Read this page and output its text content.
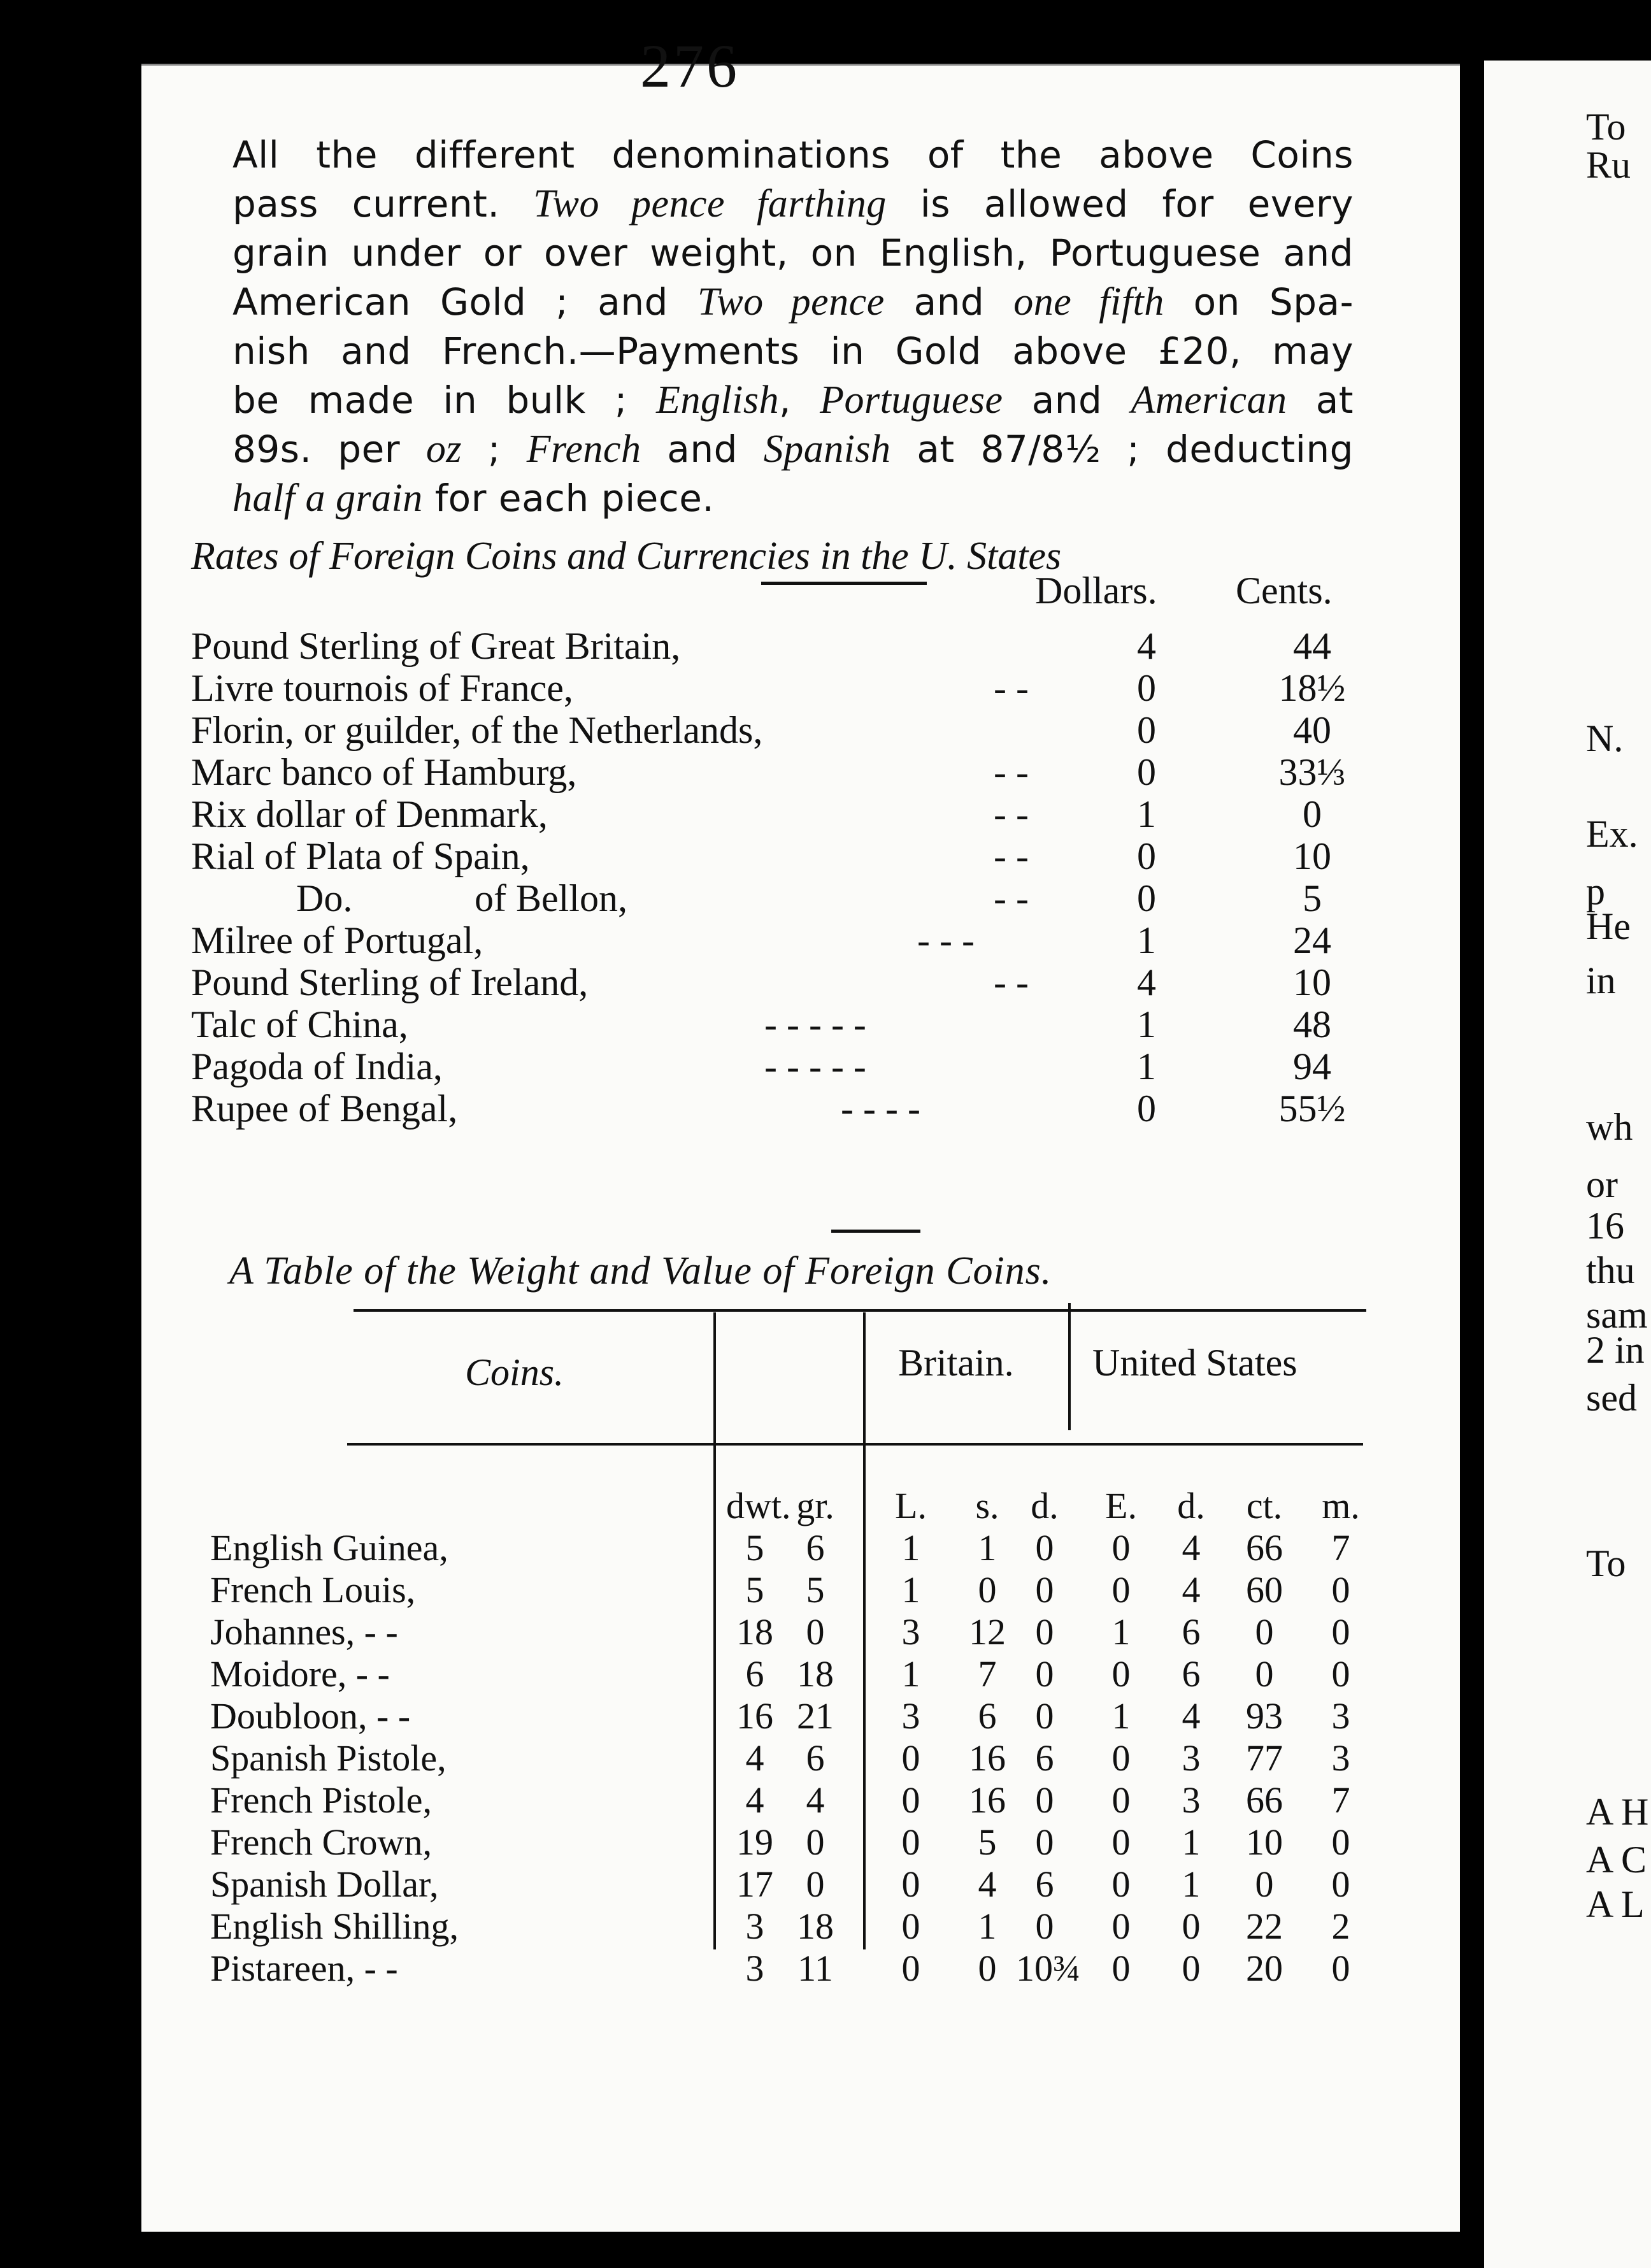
To
Ru
N.
Ex.
p
He
in
wh
or
16
thu
sam
2 in
sed
To
A H
A C
A L
276
All the different denominations of the above Coins
pass current. Two pence farthing is allowed for every
grain under or over weight, on English, Portuguese and
American Gold ; and Two pence and one fifth on Spa-
nish and French.—Payments in Gold above £20, may
be made in bulk ; English, Portuguese and American at
89s. per oz ; French and Spanish at 87/8½ ; deducting
half a grain for each piece.
Rates of Foreign Coins and Currencies in the U. States
Dollars. Cents.
Pound Sterling of Great Britain,	4	44
Livre tournois of France,	- -	0	18½
Florin, or guilder, of the Netherlands,	0	40
Marc banco of Hamburg,	- -	0	33⅓
Rix dollar of Denmark,	- -	1	0
Rial of Plata of Spain,	- -	0	10
Do.	of Bellon,	- -	0	5
Milree of Portugal,	- - -	1	24
Pound Sterling of Ireland,	- -	4	10
Talc of China,	- - - - -	1	48
Pagoda of India,	- - - - -	1	94
Rupee of Bengal,	- - - -	0	55½
A Table of the Weight and Value of Foreign Coins.
Coins.	Britain. United States
dwt. gr.	L.	s. d.	E.	d.	ct. m.
English Guinea,	5	6	1	1	0	0	4	66	7
French Louis,	5	5	1	0	0	0	4	60	0
Johannes, - -	18 0	3	12 0	1	6	0	0
Moidore, - -	6 18	1	7	0	0	6	0	0
Doubloon, - -	16 21	3	6	0	1	4	93	3
Spanish Pistole,	4	6	0	16 6	0	3	77	3
French Pistole,	4	4	0	16 0	0	3	66	7
French Crown,	19 0	0	5	0	0	1	10	0
Spanish Dollar,	17 0	0	4	6	0	1	0	0
English Shilling,	3 18	0	1	0	0	0	22	2
Pistareen, - -	3 11	0	0 10¾ 0	0	20	0
